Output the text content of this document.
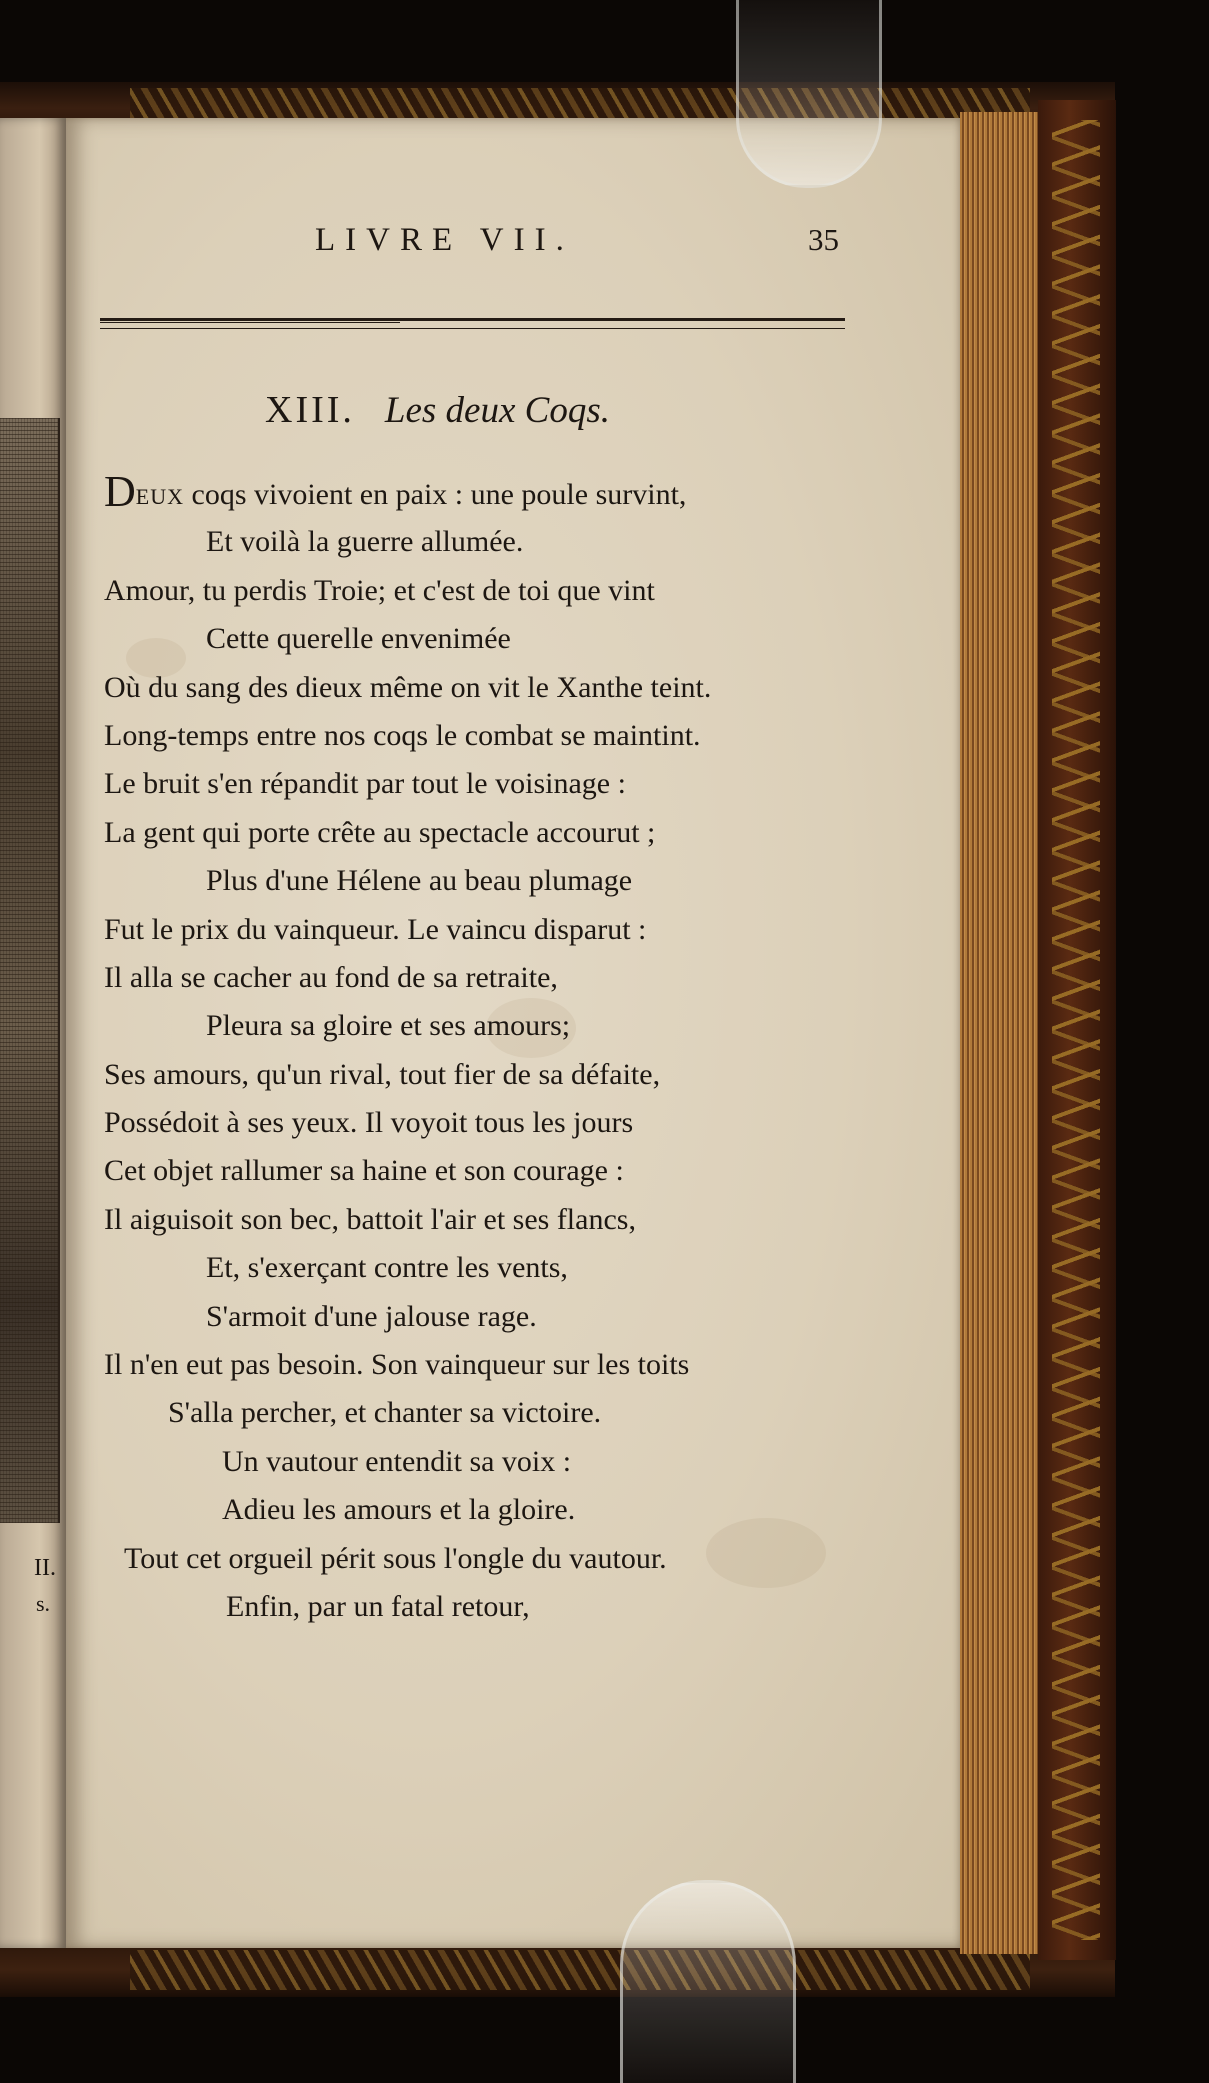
II.
s.
LIVRE VII.	35
XIII. Les deux Coqs.
DEUX coqs vivoient en paix : une poule survint,
Et voilà la guerre allumée.
Amour, tu perdis Troie; et c'est de toi que vint
Cette querelle envenimée
Où du sang des dieux même on vit le Xanthe teint.
Long-temps entre nos coqs le combat se maintint.
Le bruit s'en répandit par tout le voisinage :
La gent qui porte crête au spectacle accourut ;
Plus d'une Hélene au beau plumage
Fut le prix du vainqueur. Le vaincu disparut :
Il alla se cacher au fond de sa retraite,
Pleura sa gloire et ses amours;
Ses amours, qu'un rival, tout fier de sa défaite,
Possédoit à ses yeux. Il voyoit tous les jours
Cet objet rallumer sa haine et son courage :
Il aiguisoit son bec, battoit l'air et ses flancs,
Et, s'exerçant contre les vents,
S'armoit d'une jalouse rage.
Il n'en eut pas besoin. Son vainqueur sur les toits
S'alla percher, et chanter sa victoire.
Un vautour entendit sa voix :
Adieu les amours et la gloire.
Tout cet orgueil périt sous l'ongle du vautour.
Enfin, par un fatal retour,
